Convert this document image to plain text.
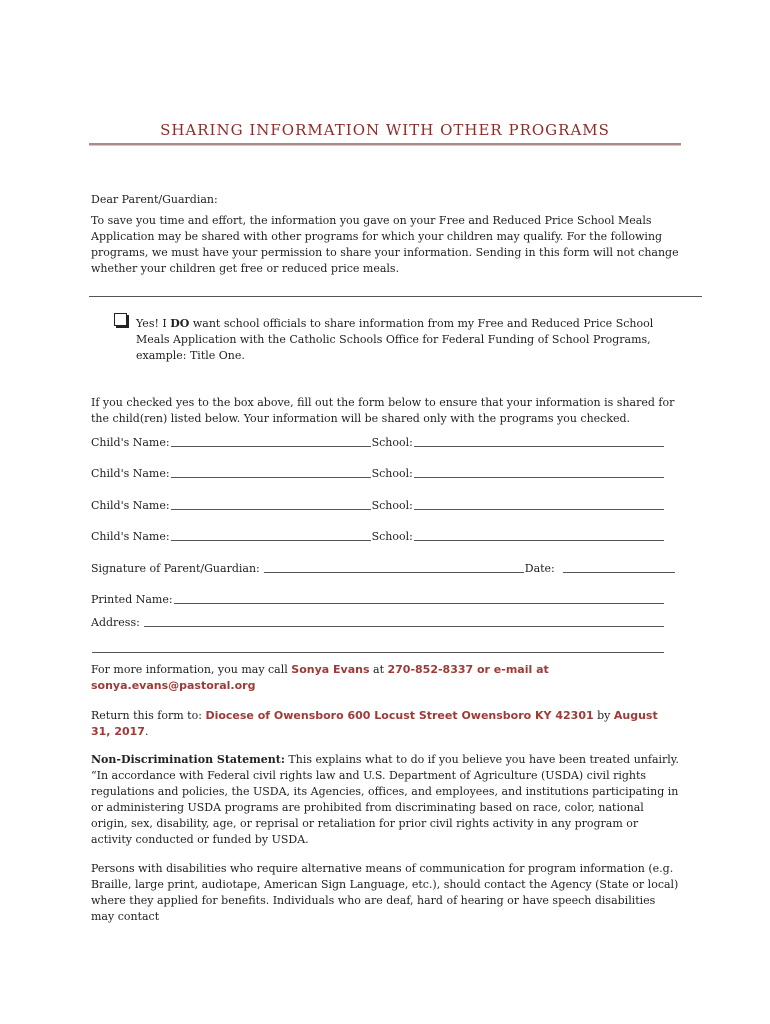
SHARING INFORMATION WITH OTHER PROGRAMS
Dear Parent/Guardian:
To save you time and effort, the information you gave on your Free and Reduced Price School Meals Application may be shared with other programs for which your children may qualify. For the following programs, we must have your permission to share your information. Sending in this form will not change whether your children get free or reduced price meals.
Yes! I DO want school officials to share information from my Free and Reduced Price School Meals Application with the Catholic Schools Office for Federal Funding of School Programs, example: Title One.
If you checked yes to the box above, fill out the form below to ensure that your information is shared for the child(ren) listed below. Your information will be shared only with the programs you checked.
Child's Name:	School:
Child's Name:	School:
Child's Name:	School:
Child's Name:	School:
Signature of Parent/Guardian:	Date:
Printed Name:
Address:
For more information, you may call Sonya Evans at 270-852-8337 or e-mail at
sonya.evans@pastoral.org
Return this form to: Diocese of Owensboro 600 Locust Street Owensboro KY 42301 by August 31, 2017.
Non-Discrimination Statement: This explains what to do if you believe you have been treated unfairly.
“In accordance with Federal civil rights law and U.S. Department of Agriculture (USDA) civil rights regulations and policies, the USDA, its Agencies, offices, and employees, and institutions participating in or administering USDA programs are prohibited from discriminating based on race, color, national origin, sex, disability, age, or reprisal or retaliation for prior civil rights activity in any program or activity conducted or funded by USDA.
Persons with disabilities who require alternative means of communication for program information (e.g. Braille, large print, audiotape, American Sign Language, etc.), should contact the Agency (State or local) where they applied for benefits. Individuals who are deaf, hard of hearing or have speech disabilities may contact
